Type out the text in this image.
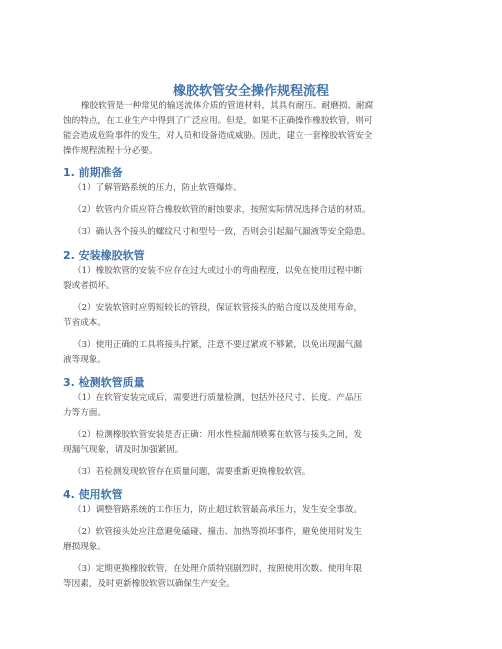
橡胶软管安全操作规程流程

橡胶软管是一种常见的输送流体介质的管道材料，其具有耐压、耐磨损、耐腐
蚀的特点，在工业生产中得到了广泛应用。但是，如果不正确操作橡胶软管，则可
能会造成危险事件的发生，对人员和设备造成威胁。因此，建立一套橡胶软管安全
操作规程流程十分必要。

1. 前期准备

（1）了解管路系统的压力，防止软管爆炸。

（2）软管内介质应符合橡胶软管的耐蚀要求，按照实际情况选择合适的材质。

（3）确认各个接头的螺纹尺寸和型号一致，否则会引起漏气漏液等安全隐患。

2. 安装橡胶软管

（1）橡胶软管的安装不应存在过大或过小的弯曲程度，以免在使用过程中断
裂或者损坏。

（2）安装软管时应剪短较长的管段，保证软管接头的贴合度以及使用寿命，
节省成本。

（3）使用正确的工具将接头拧紧，注意不要过紧或不够紧，以免出现漏气漏
液等现象。

3. 检测软管质量

（1）在软管安装完成后，需要进行质量检测，包括外径尺寸、长度、产品压
力等方面。

（2）检测橡胶软管安装是否正确：用水性检漏剂喷雾在软管与接头之间，发
现漏气现象，请及时加强紧固。

（3）若检测发现软管存在质量问题，需要重新更换橡胶软管。

4. 使用软管

（1）调整管路系统的工作压力，防止超过软管最高承压力，发生安全事故。

（2）软管接头处应注意避免磕碰、撞击、加热等损坏事件，避免使用时发生
磨损现象。

（3）定期更换橡胶软管，在处理介质特别剧烈时，按照使用次数、使用年限
等因素，及时更新橡胶软管以确保生产安全。
